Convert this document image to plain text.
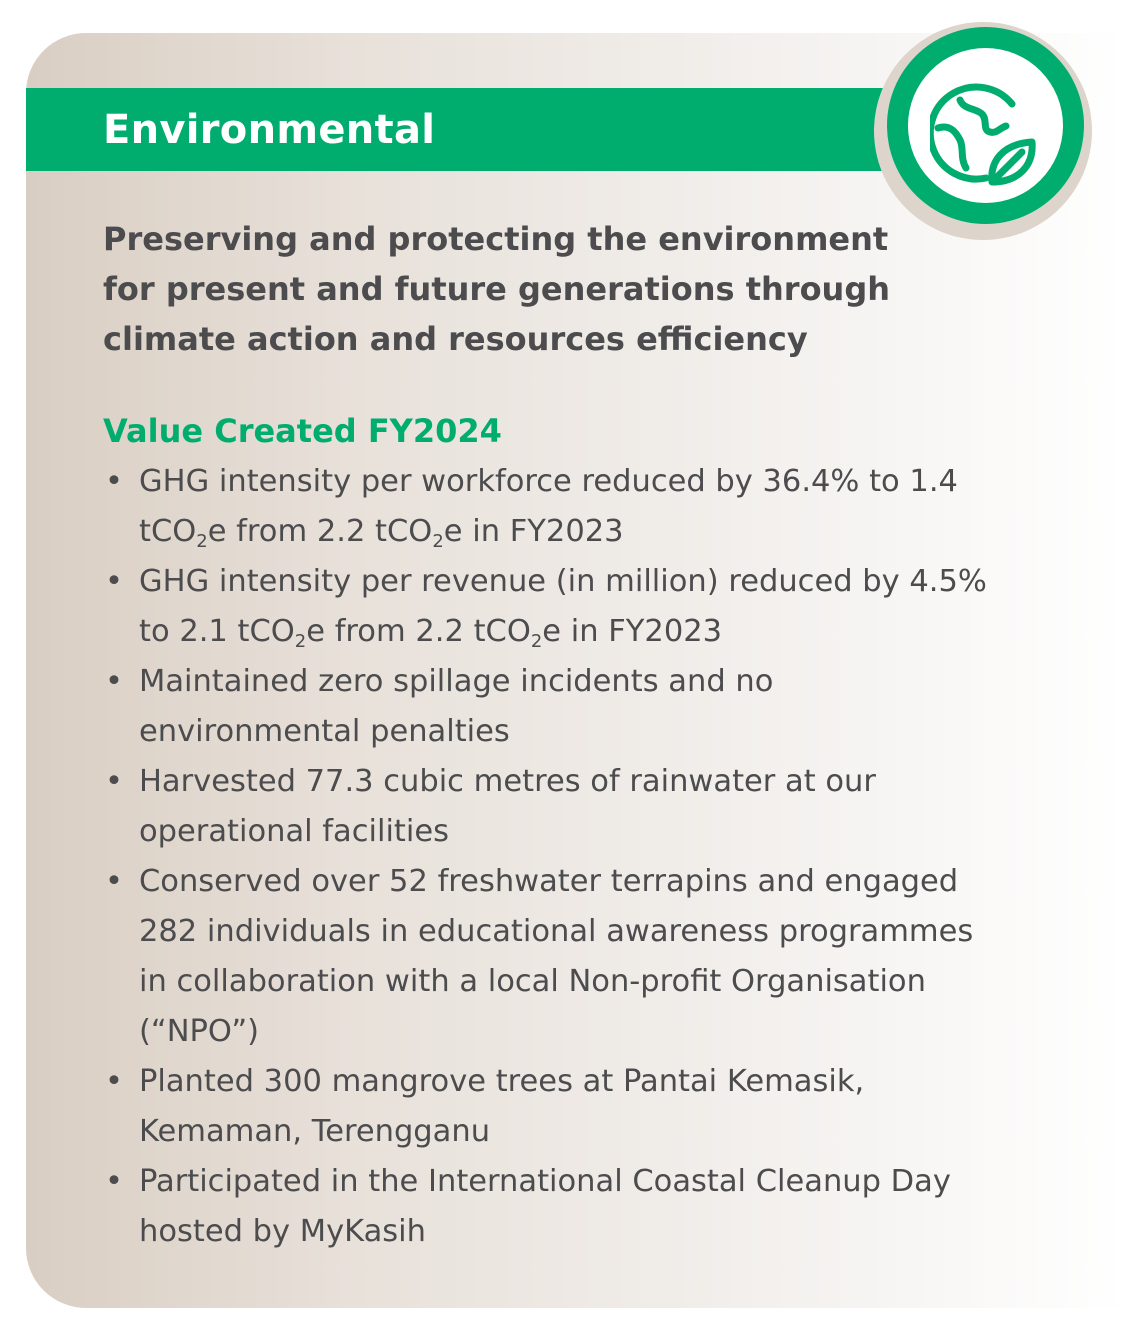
Environmental
Preserving and protecting the environment
for present and future generations through
climate action and resources efficiency
Value Created FY2024
• GHG intensity per workforce reduced by 36.4% to 1.4
tCO$_2$e from 2.2 tCO$_2$e in FY2023
• GHG intensity per revenue (in million) reduced by 4.5%
to 2.1 tCO$_2$e from 2.2 tCO$_2$e in FY2023
• Maintained zero spillage incidents and no
environmental penalties
• Harvested 77.3 cubic metres of rainwater at our
operational facilities
• Conserved over 52 freshwater terrapins and engaged
282 individuals in educational awareness programmes
in collaboration with a local Non-profit Organisation
(“NPO”)
• Planted 300 mangrove trees at Pantai Kemasik,
Kemaman, Terengganu
• Participated in the International Coastal Cleanup Day
hosted by MyKasih
